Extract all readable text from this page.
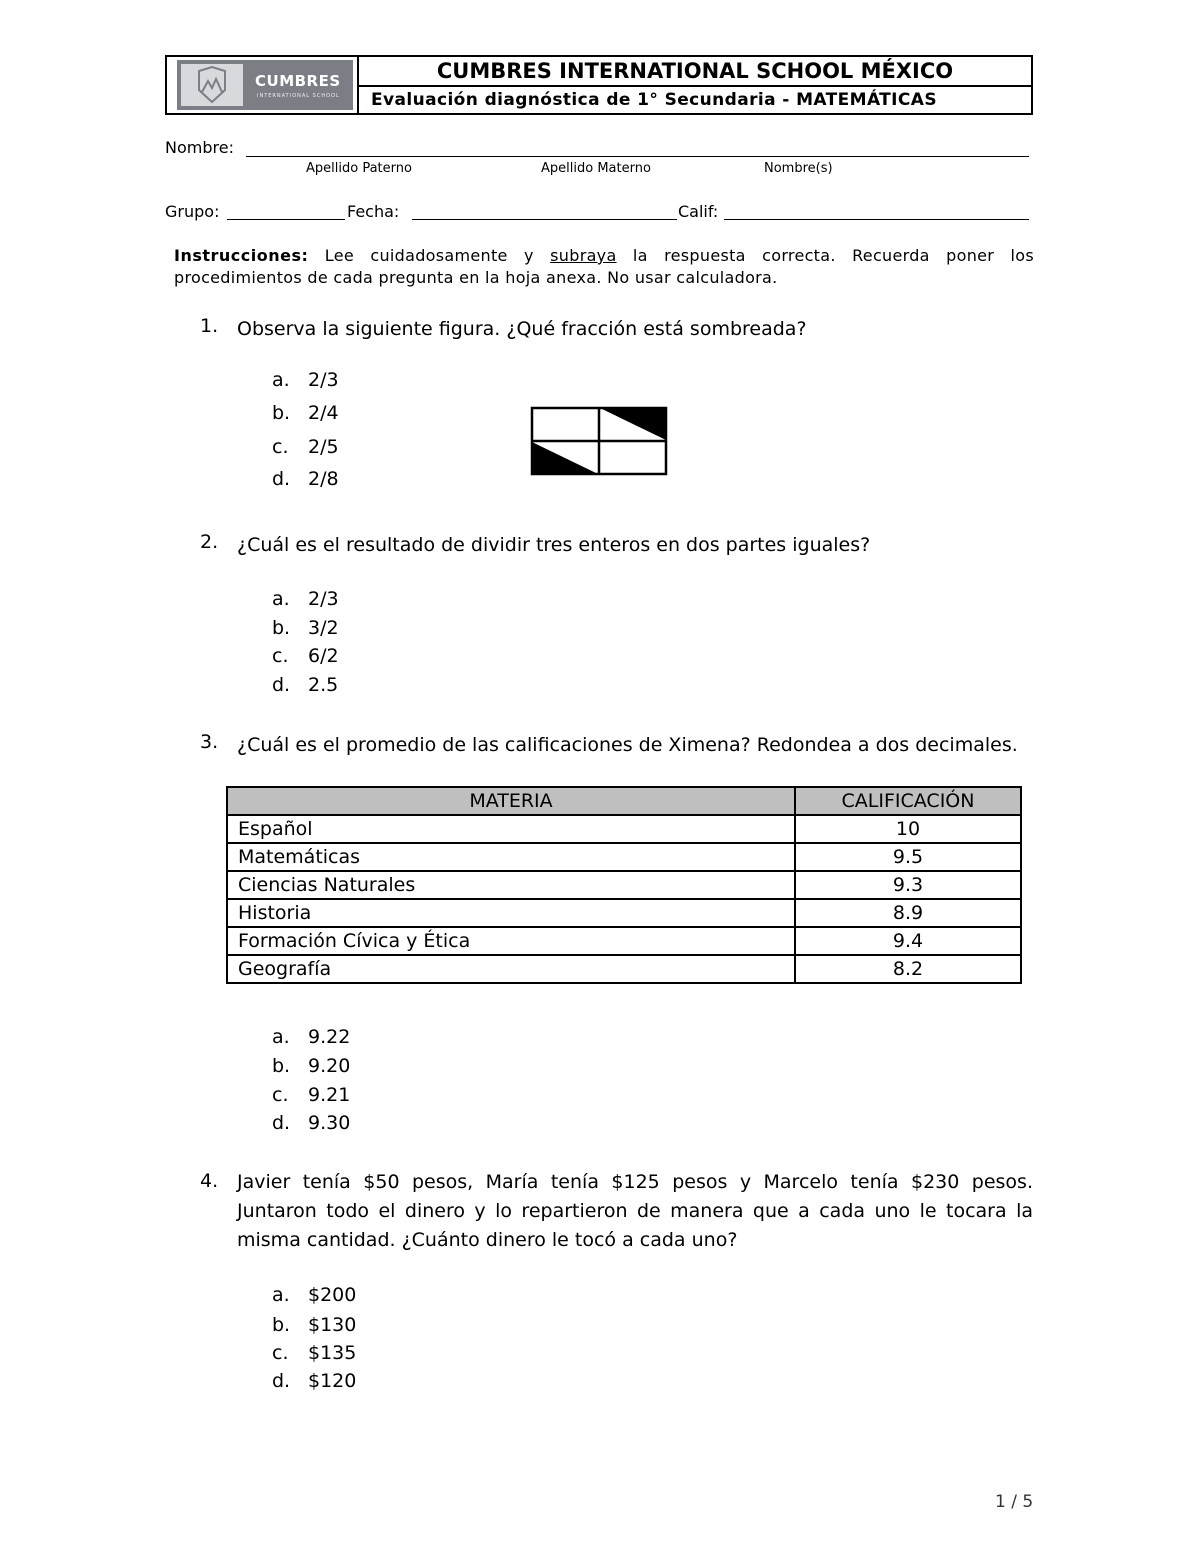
CUMBRES
INTERNATIONAL SCHOOL
CUMBRES INTERNATIONAL SCHOOL MÉXICO
Evaluación diagnóstica de 1° Secundaria - MATEMÁTICAS
Nombre:
Apellido Paterno	Apellido Materno	Nombre(s)
Grupo:	Fecha:	Calif:
Instrucciones: Lee cuidadosamente y subraya la respuesta correcta. Recuerda poner los procedimientos de cada pregunta en la hoja anexa. No usar calculadora.
1. Observa la siguiente figura. ¿Qué fracción está sombreada?
a. 2/3
b. 2/4
c.	2/5
d. 2/8
2. ¿Cuál es el resultado de dividir tres enteros en dos partes iguales?
a. 2/3
b. 3/2
c.	6/2
d. 2.5
3. ¿Cuál es el promedio de las calificaciones de Ximena? Redondea a dos decimales.
MATERIA	CALIFICACIÓN
Español	10
Matemáticas	9.5
Ciencias Naturales	9.3
Historia	8.9
Formación Cívica y Ética	9.4
Geografía	8.2
a. 9.22
b. 9.20
c.	9.21
d. 9.30
4. Javier tenía $50 pesos, María tenía $125 pesos y Marcelo tenía $230 pesos. Juntaron todo el dinero y lo repartieron de manera que a cada uno le tocara la misma cantidad. ¿Cuánto dinero le tocó a cada uno?
a. $200
b. $130
c.	$135
d. $120
1 / 5
